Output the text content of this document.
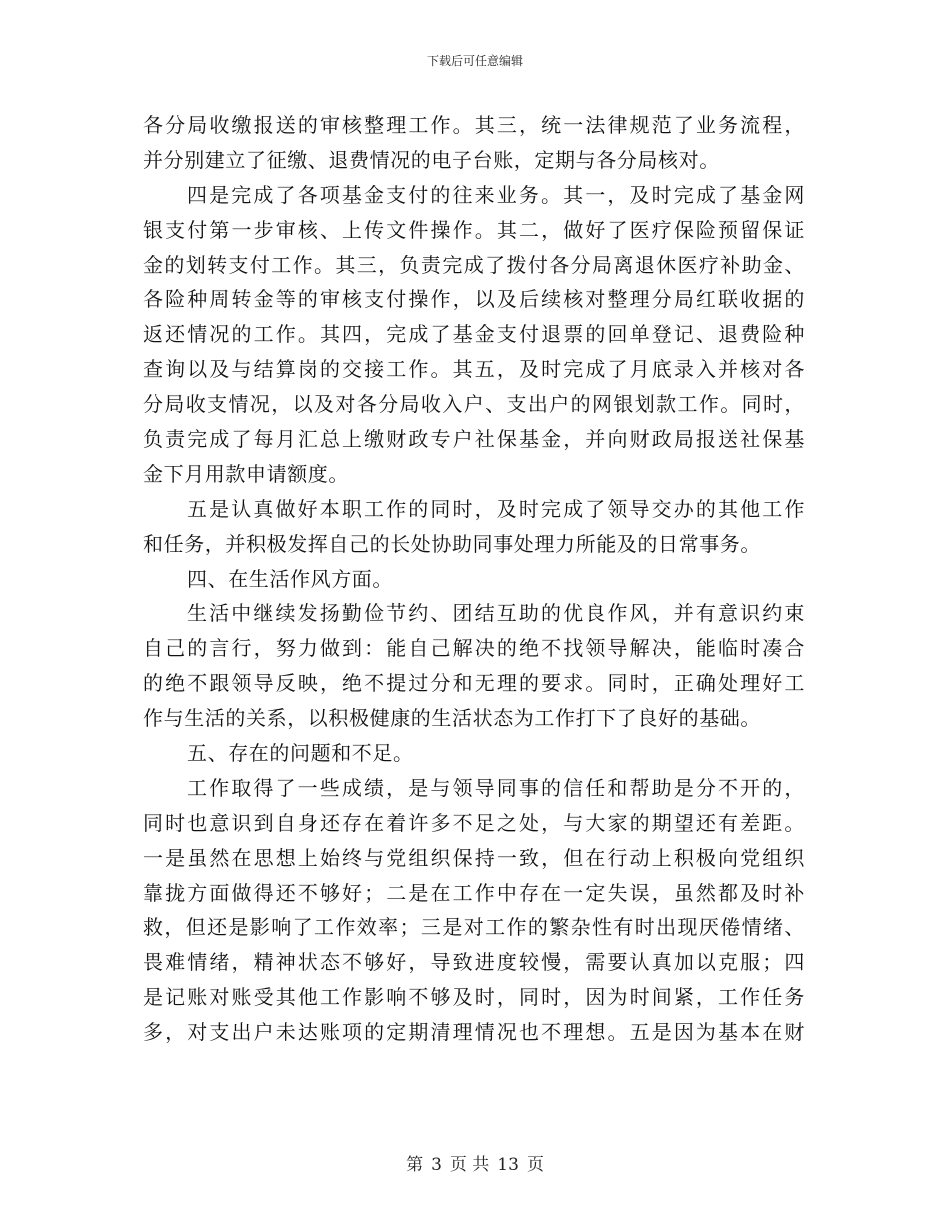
下载后可任意编辑
各分局收缴报送的审核整理工作。其三，统一法律规范了业务流程，
并分别建立了征缴、退费情况的电子台账，定期与各分局核对。
四是完成了各项基金支付的往来业务。其一，及时完成了基金网
银支付第一步审核、上传文件操作。其二，做好了医疗保险预留保证
金的划转支付工作。其三，负责完成了拨付各分局离退休医疗补助金、
各险种周转金等的审核支付操作，以及后续核对整理分局红联收据的
返还情况的工作。其四，完成了基金支付退票的回单登记、退费险种
查询以及与结算岗的交接工作。其五，及时完成了月底录入并核对各
分局收支情况，以及对各分局收入户、支出户的网银划款工作。同时，
负责完成了每月汇总上缴财政专户社保基金，并向财政局报送社保基
金下月用款申请额度。
五是认真做好本职工作的同时，及时完成了领导交办的其他工作
和任务，并积极发挥自己的长处协助同事处理力所能及的日常事务。
四、在生活作风方面。
生活中继续发扬勤俭节约、团结互助的优良作风，并有意识约束
自己的言行，努力做到：能自己解决的绝不找领导解决，能临时凑合
的绝不跟领导反映，绝不提过分和无理的要求。同时，正确处理好工
作与生活的关系，以积极健康的生活状态为工作打下了良好的基础。
五、存在的问题和不足。
工作取得了一些成绩，是与领导同事的信任和帮助是分不开的，
同时也意识到自身还存在着许多不足之处，与大家的期望还有差距。
一是虽然在思想上始终与党组织保持一致，但在行动上积极向党组织
靠拢方面做得还不够好；二是在工作中存在一定失误，虽然都及时补
救，但还是影响了工作效率；三是对工作的繁杂性有时出现厌倦情绪、
畏难情绪，精神状态不够好，导致进度较慢，需要认真加以克服；四
是记账对账受其他工作影响不够及时，同时，因为时间紧，工作任务
多，对支出户未达账项的定期清理情况也不理想。五是因为基本在财
第 3 页 共 13 页
